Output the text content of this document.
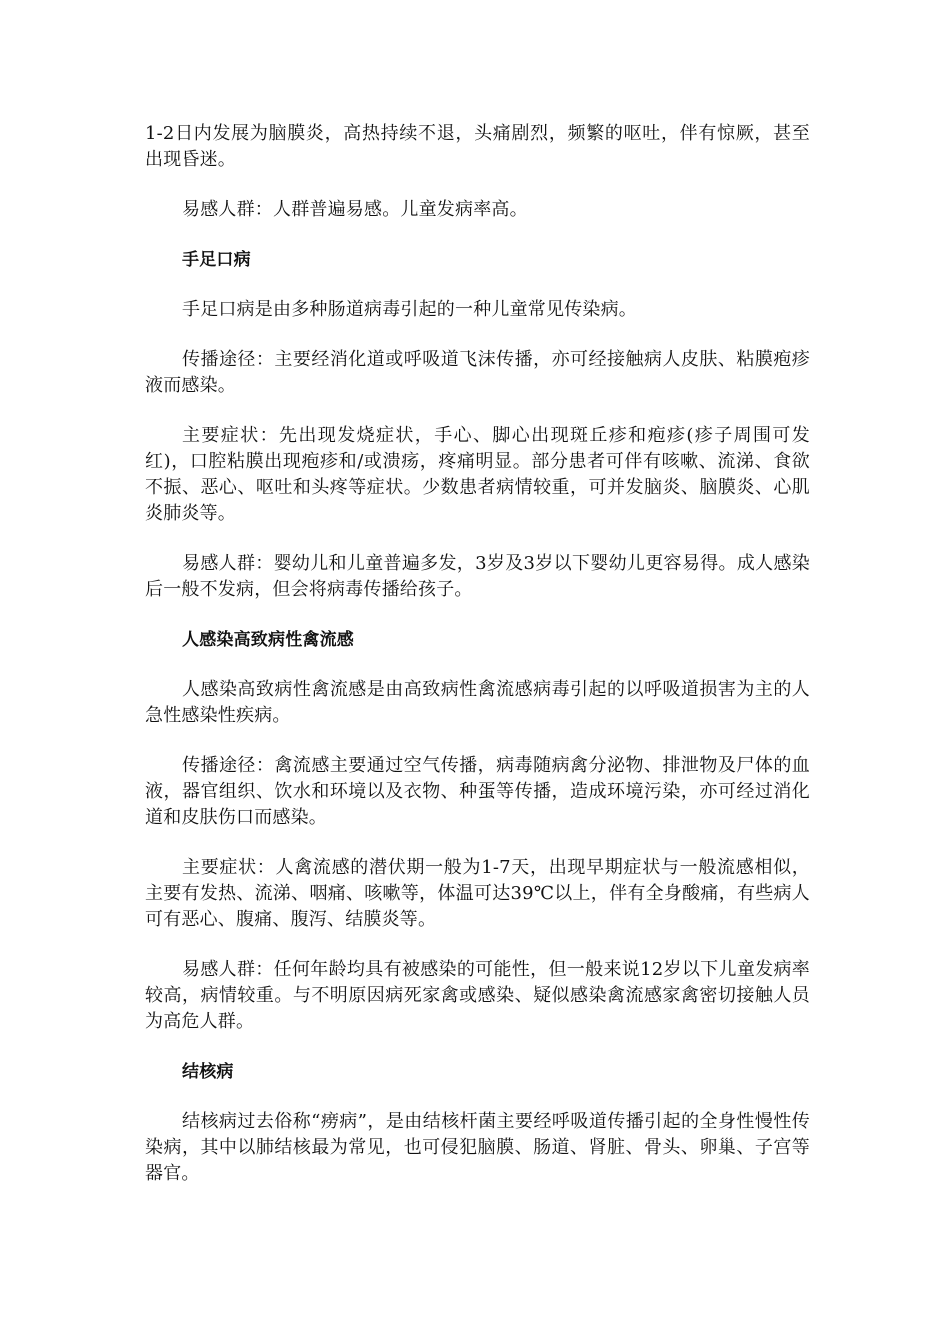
1-2日内发展为脑膜炎，高热持续不退，头痛剧烈，频繁的呕吐，伴有惊厥，甚至出现昏迷。

易感人群：人群普遍易感。儿童发病率高。

手足口病

手足口病是由多种肠道病毒引起的一种儿童常见传染病。

传播途径：主要经消化道或呼吸道飞沫传播，亦可经接触病人皮肤、粘膜疱疹液而感染。

主要症状：先出现发烧症状，手心、脚心出现斑丘疹和疱疹(疹子周围可发红)，口腔粘膜出现疱疹和/或溃疡，疼痛明显。部分患者可伴有咳嗽、流涕、食欲不振、恶心、呕吐和头疼等症状。少数患者病情较重，可并发脑炎、脑膜炎、心肌炎肺炎等。

易感人群：婴幼儿和儿童普遍多发，3岁及3岁以下婴幼儿更容易得。成人感染后一般不发病，但会将病毒传播给孩子。

人感染高致病性禽流感

人感染高致病性禽流感是由高致病性禽流感病毒引起的以呼吸道损害为主的人急性感染性疾病。

传播途径：禽流感主要通过空气传播，病毒随病禽分泌物、排泄物及尸体的血液，器官组织、饮水和环境以及衣物、种蛋等传播，造成环境污染，亦可经过消化道和皮肤伤口而感染。

主要症状：人禽流感的潜伏期一般为1-7天，出现早期症状与一般流感相似，主要有发热、流涕、咽痛、咳嗽等，体温可达39℃以上，伴有全身酸痛，有些病人可有恶心、腹痛、腹泻、结膜炎等。

易感人群：任何年龄均具有被感染的可能性，但一般来说12岁以下儿童发病率较高，病情较重。与不明原因病死家禽或感染、疑似感染禽流感家禽密切接触人员为高危人群。

结核病

结核病过去俗称“痨病”，是由结核杆菌主要经呼吸道传播引起的全身性慢性传染病，其中以肺结核最为常见，也可侵犯脑膜、肠道、肾脏、骨头、卵巢、子宫等器官。
